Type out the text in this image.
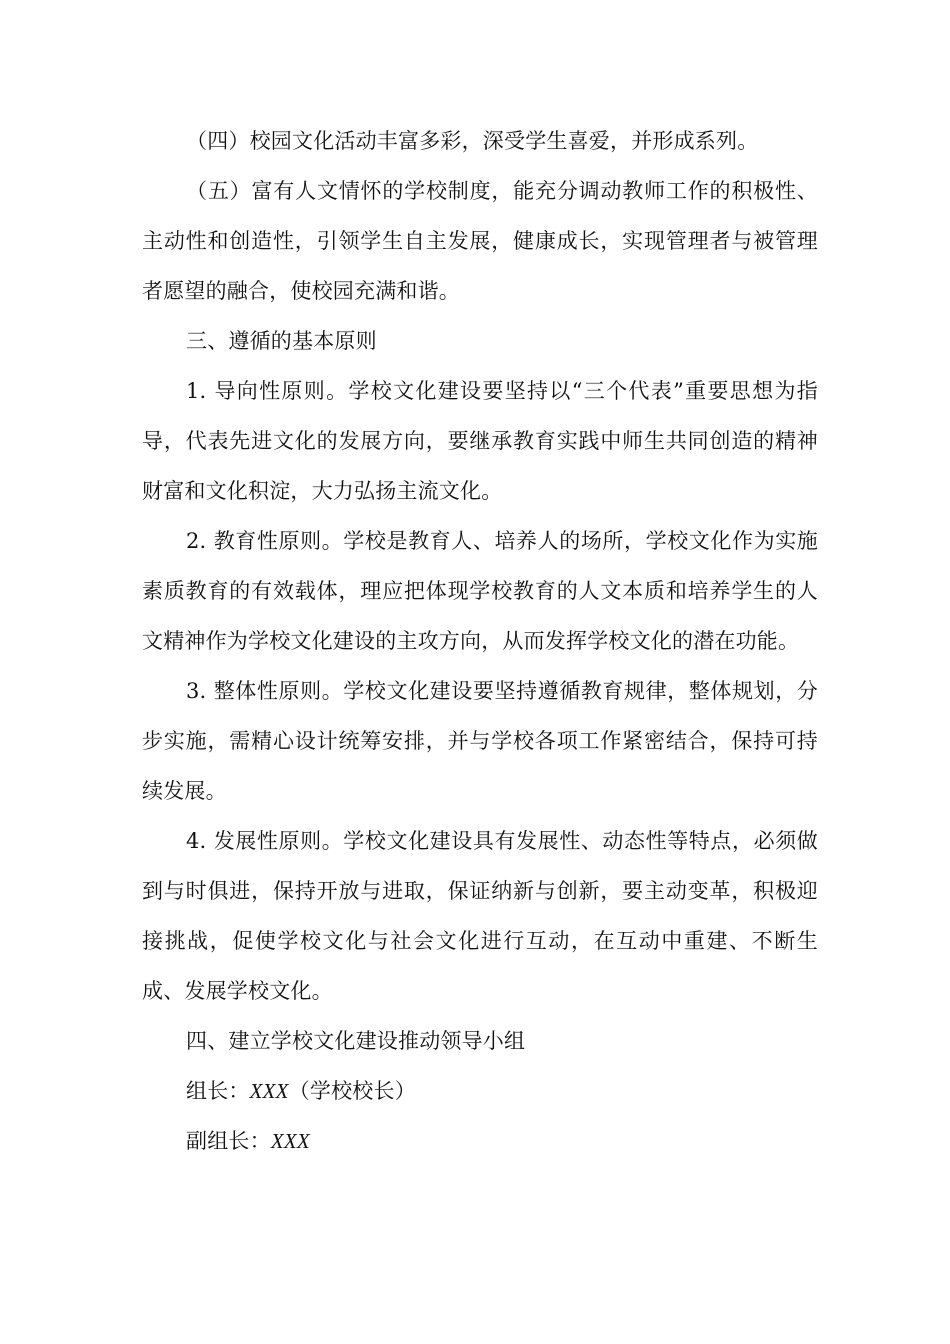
（四）校园文化活动丰富多彩，深受学生喜爱，并形成系列。

（五）富有人文情怀的学校制度，能充分调动教师工作的积极性、主动性和创造性，引领学生自主发展，健康成长，实现管理者与被管理者愿望的融合，使校园充满和谐。

三、遵循的基本原则

1. 导向性原则。学校文化建设要坚持以“三个代表”重要思想为指导，代表先进文化的发展方向，要继承教育实践中师生共同创造的精神财富和文化积淀，大力弘扬主流文化。

2. 教育性原则。学校是教育人、培养人的场所，学校文化作为实施素质教育的有效载体，理应把体现学校教育的人文本质和培养学生的人文精神作为学校文化建设的主攻方向，从而发挥学校文化的潜在功能。

3. 整体性原则。学校文化建设要坚持遵循教育规律，整体规划，分步实施，需精心设计统筹安排，并与学校各项工作紧密结合，保持可持续发展。

4. 发展性原则。学校文化建设具有发展性、动态性等特点，必须做到与时俱进，保持开放与进取，保证纳新与创新，要主动变革，积极迎接挑战，促使学校文化与社会文化进行互动，在互动中重建、不断生成、发展学校文化。

四、建立学校文化建设推动领导小组

组长：XXX（学校校长）

副组长：XXX
